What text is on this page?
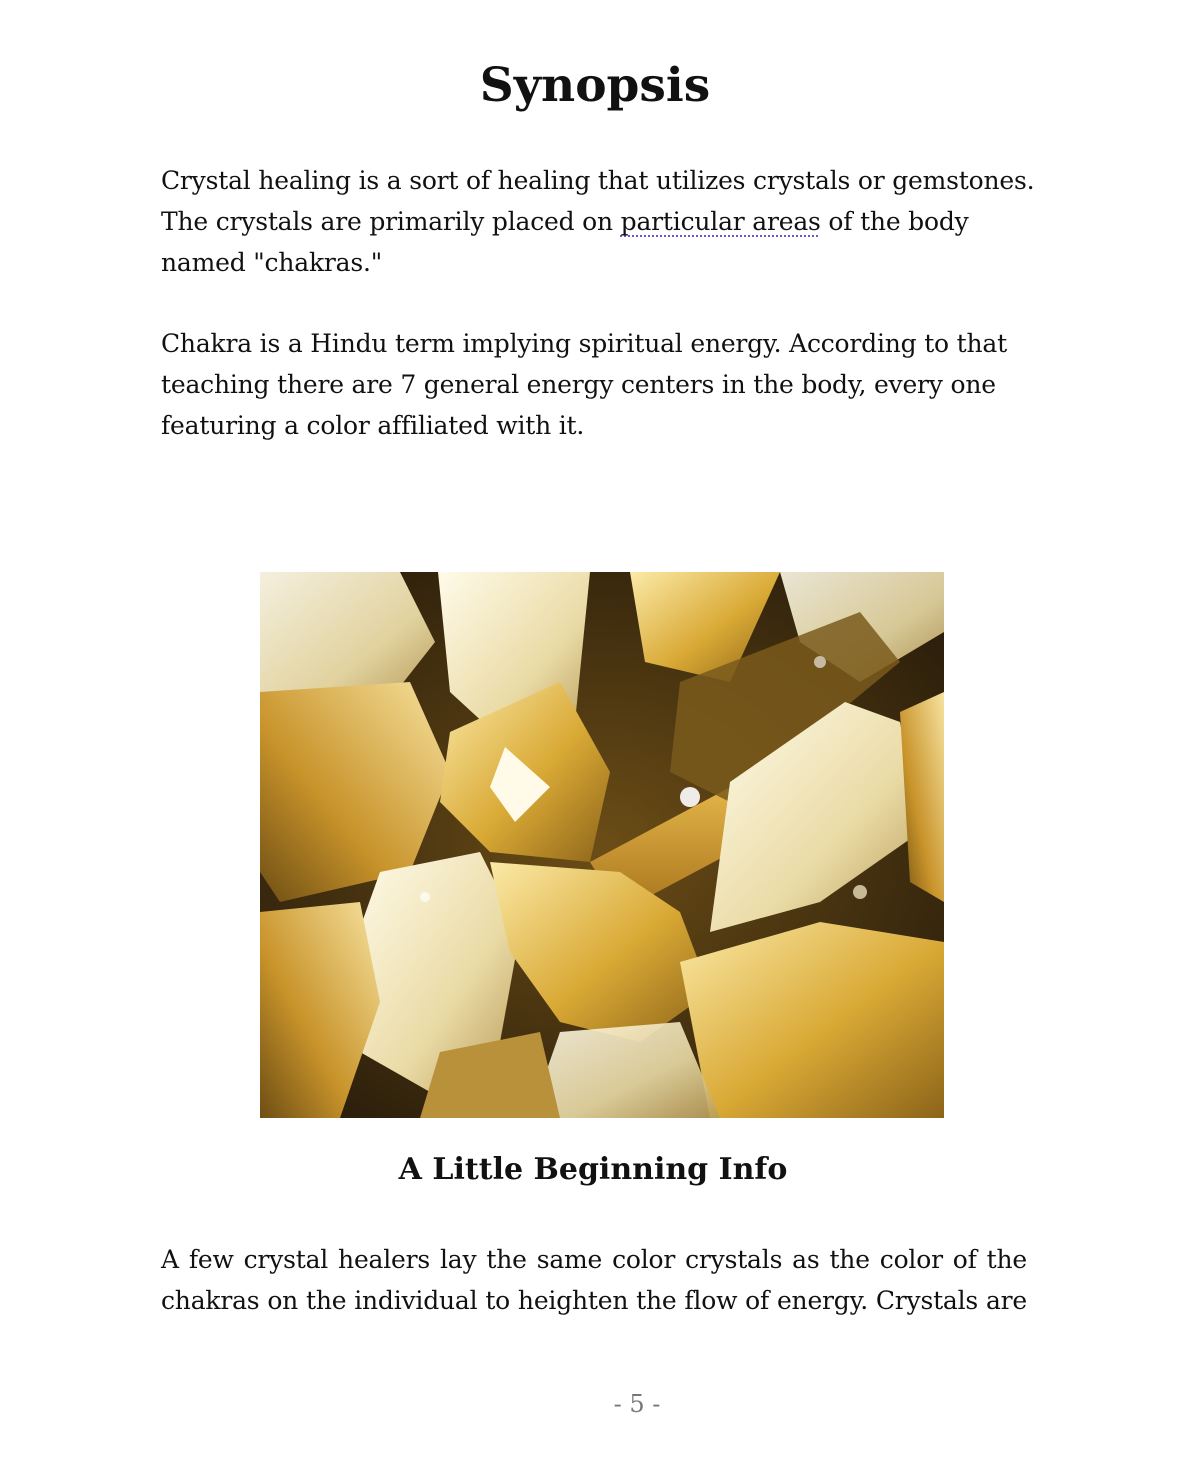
Synopsis

Crystal healing is a sort of healing that utilizes crystals or gemstones.
The crystals are primarily placed on particular areas of the body
named "chakras."

Chakra is a Hindu term implying spiritual energy. According to that
teaching there are 7 general energy centers in the body, every one
featuring a color affiliated with it.

A Little Beginning Info

A few crystal healers lay the same color crystals as the color of the
chakras on the individual to heighten the flow of energy. Crystals are

- 5 -
